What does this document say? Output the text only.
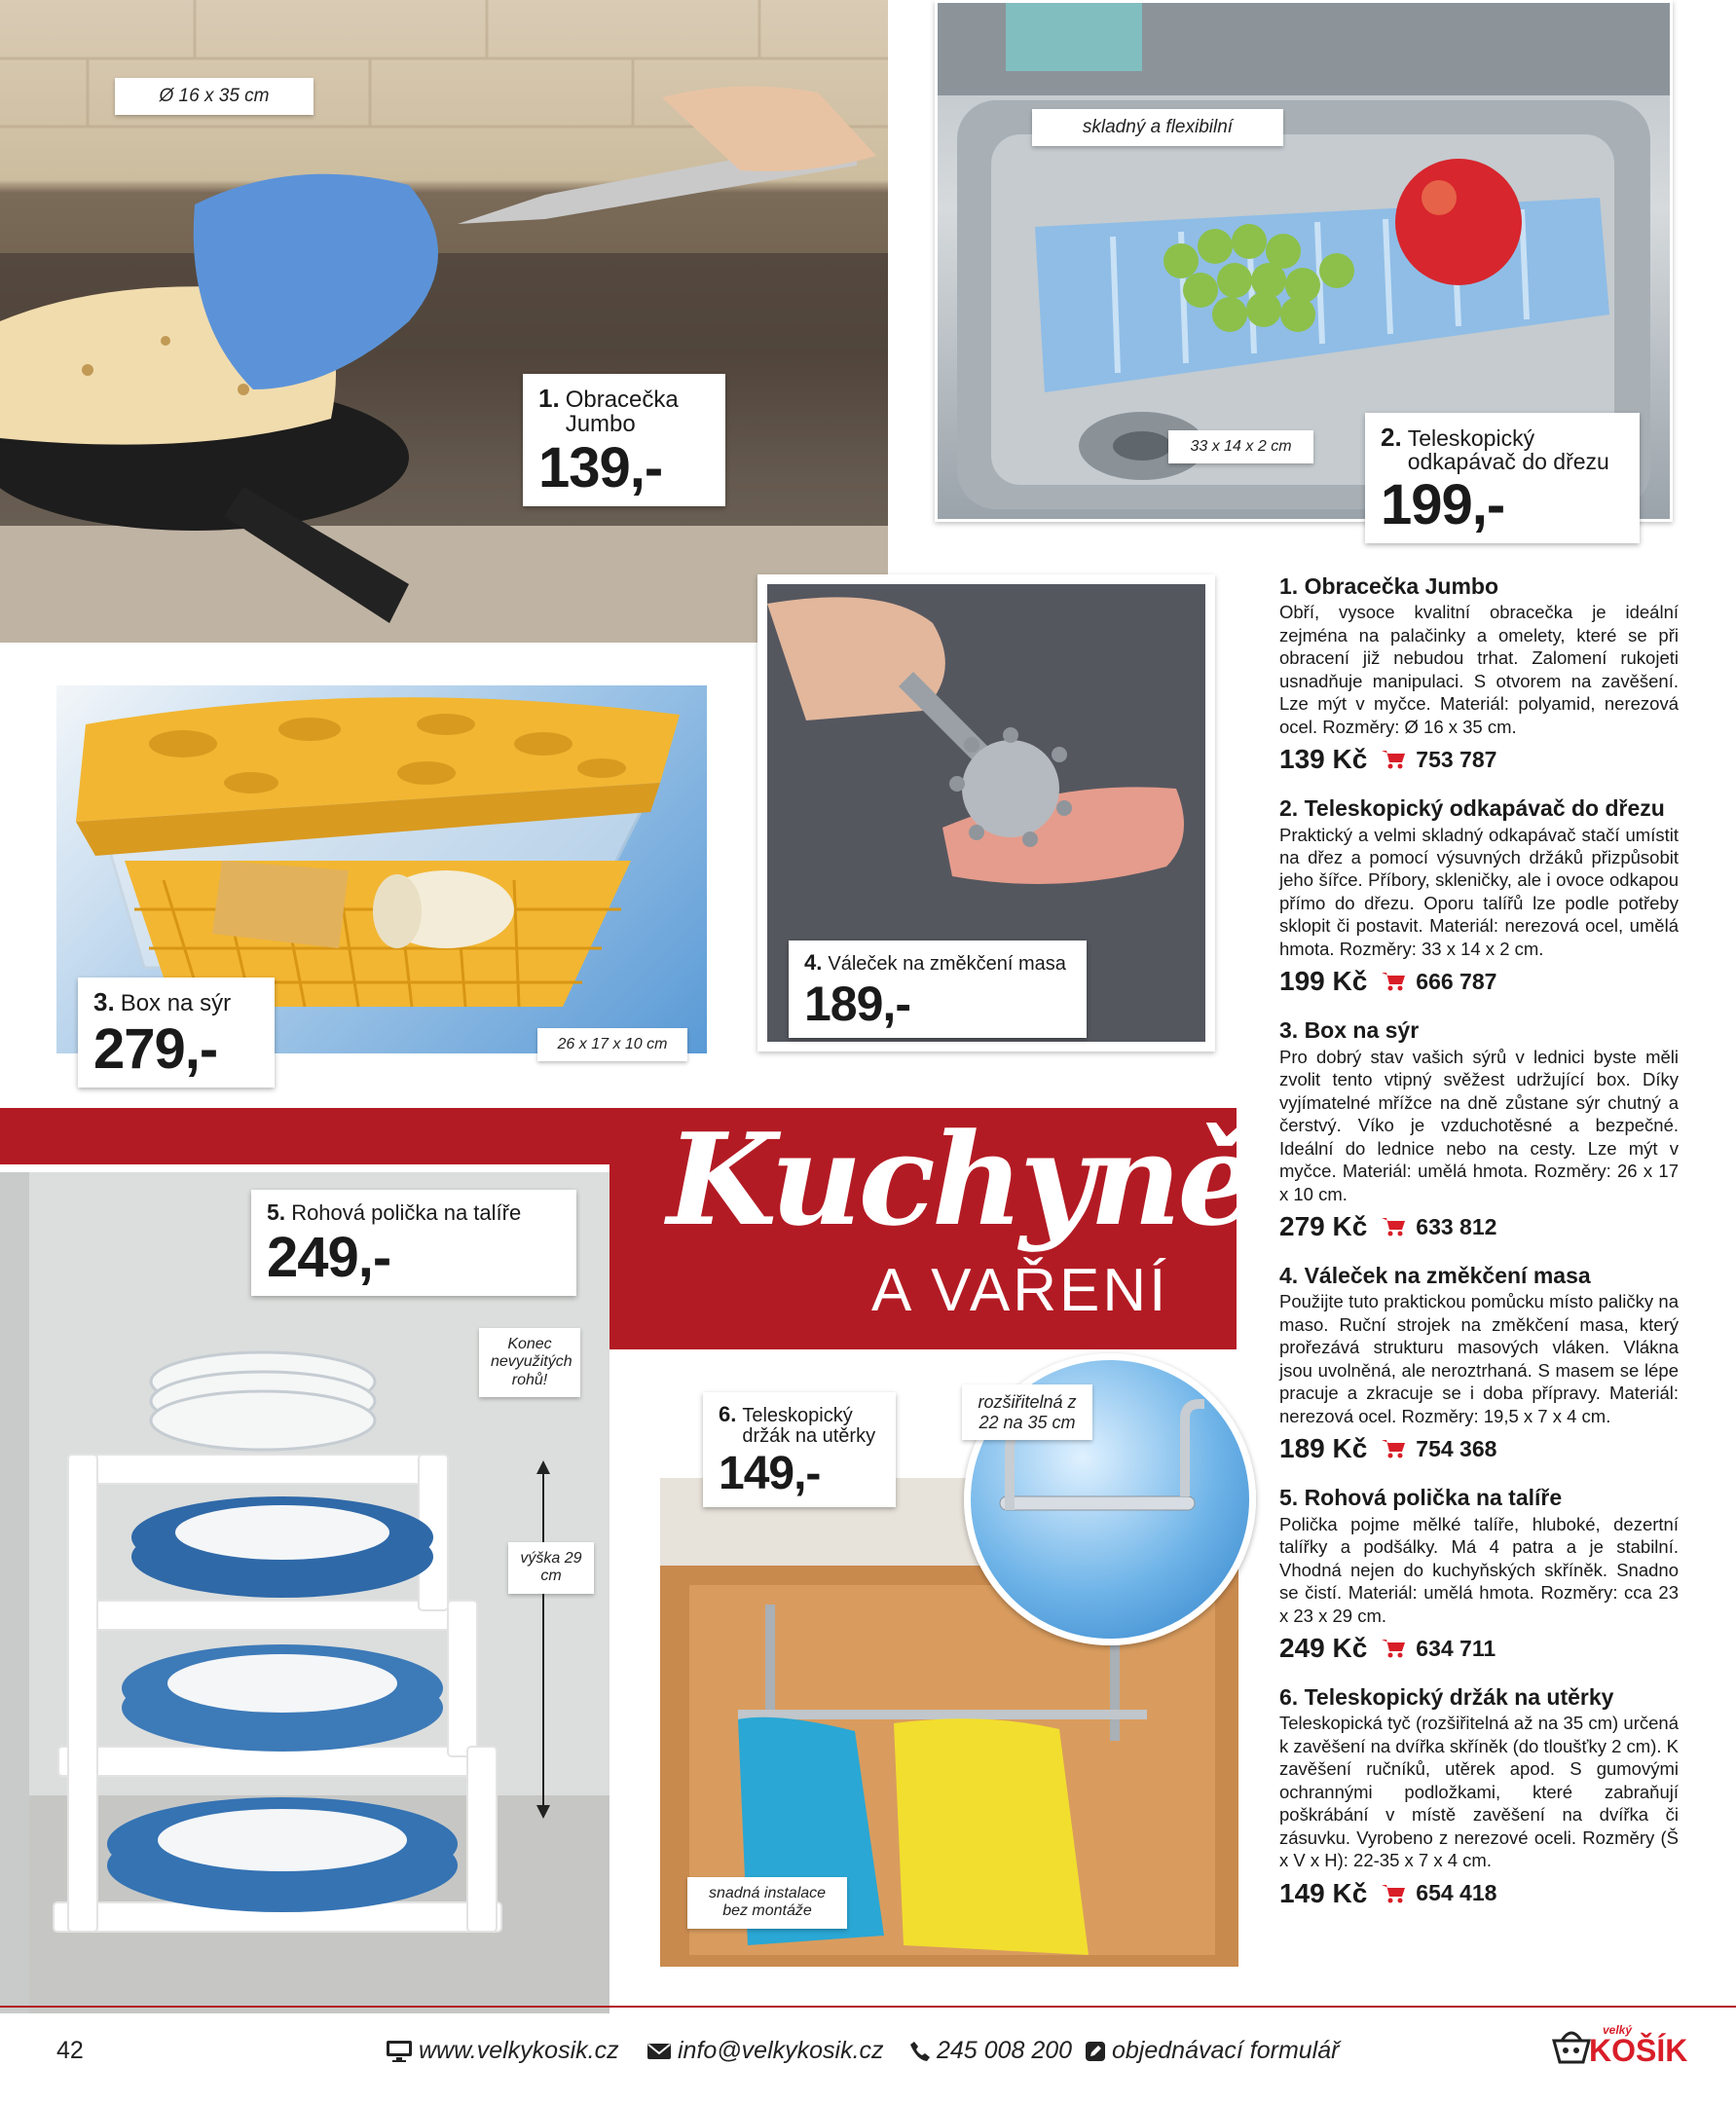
Ø 16 x 35 cm
1. Obracečka Jumbo
139,-
skladný a flexibilní
33 x 14 x 2 cm	2. Teleskopický odkapávač do dřezu
199,-
26 x 17 x 10 cm
3. Box na sýr
279,-
4. Váleček na změkčení masa
189,-
Kuchyně
A VAŘENÍ
5. Rohová polička na talíře
249,-
Konec nevyužitých rohů!
výška 29 cm
rozšiřitelná z 22 na 35 cm
snadná instalace bez montáže
6. Teleskopický držák na utěrky
149,-
1. Obracečka Jumbo

Obří, vysoce kvalitní obracečka je ideální zejména na palačinky a omelety, které se při obracení již nebudou trhat. Zalomení rukojeti usnadňuje manipulaci. S otvorem na zavěšení. Lze mýt v myčce. Materiál: polyamid, nerezová ocel. Rozměry: Ø 16 x 35 cm.

139 Kč 753 787
2. Teleskopický odkapávač do dřezu

Praktický a velmi skladný odkapávač stačí umístit na dřez a pomocí výsuvných držáků přizpůsobit jeho šířce. Příbory, skleničky, ale i ovoce odkapou přímo do dřezu. Oporu talířů lze podle potřeby sklopit či postavit. Materiál: nerezová ocel, umělá hmota. Rozměry: 33 x 14 x 2 cm.

199 Kč 666 787
3. Box na sýr

Pro dobrý stav vašich sýrů v lednici byste měli zvolit tento vtipný svěžest udržující box. Díky vyjímatelné mřížce na dně zůstane sýr chutný a čerstvý. Víko je vzduchotěsné a bezpečné. Ideální do lednice nebo na cesty. Lze mýt v myčce. Materiál: umělá hmota. Rozměry: 26 x 17 x 10 cm.

279 Kč 633 812
4. Váleček na změkčení masa

Použijte tuto praktickou pomůcku místo paličky na maso. Ruční strojek na změkčení masa, který prořezává strukturu masových vláken. Vlákna jsou uvolněná, ale neroztrhaná. S masem se lépe pracuje a zkracuje se i doba přípravy. Materiál: nerezová ocel. Rozměry: 19,5 x 7 x 4 cm.

189 Kč 754 368
5. Rohová polička na talíře

Polička pojme mělké talíře, hluboké, dezertní talířky a podšálky. Má 4 patra a je stabilní. Vhodná nejen do kuchyňských skříněk. Snadno se čistí. Materiál: umělá hmota. Rozměry: cca 23 x 23 x 29 cm.

249 Kč 634 711
6. Teleskopický držák na utěrky

Teleskopická tyč (rozšiřitelná až na 35 cm) určená k zavěšení na dvířka skříněk (do tloušťky 2 cm). K zavěšení ručníků, utěrek apod. S gumovými ochrannými podložkami, které zabraňují poškrábání v místě zavěšení na dvířka či zásuvku. Vyrobeno z nerezové oceli. Rozměry (Š x V x H): 22-35 x 7 x 4 cm.

149 Kč 654 418
42	www.velkykosik.cz info@velkykosik.cz 245 008 200 objednávací formulář
velký
KOŠÍK
